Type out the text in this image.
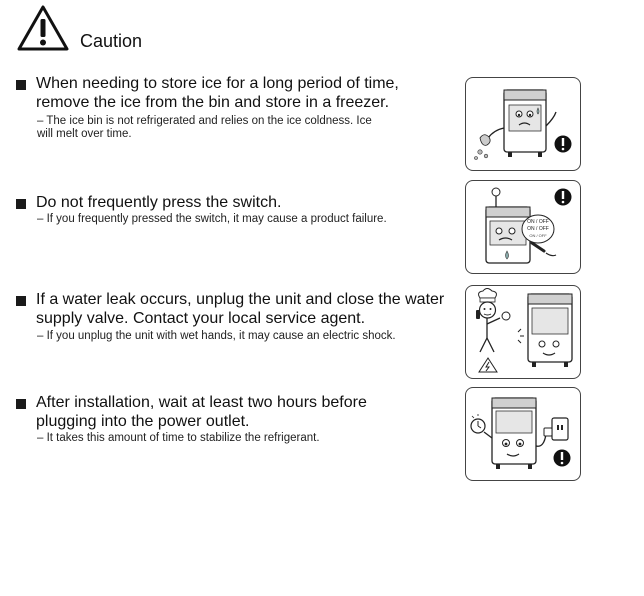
Caution
When needing to store ice for a long period of time,
remove the ice from the bin and store in a freezer.
– The ice bin is not refrigerated and relies on the ice coldness. Ice
will melt over time.
Do not frequently press the switch.
– If you frequently pressed the switch, it may cause a product failure.
If a water leak occurs, unplug the unit and close the water
supply valve. Contact your local service agent.
– If you unplug the unit with wet hands, it may cause an electric shock.
After installation, wait at least two hours before
plugging into the power outlet.
– It takes this amount of time to stabilize the refrigerant.
ON / OFF
ON / OFF
ON / OFF
